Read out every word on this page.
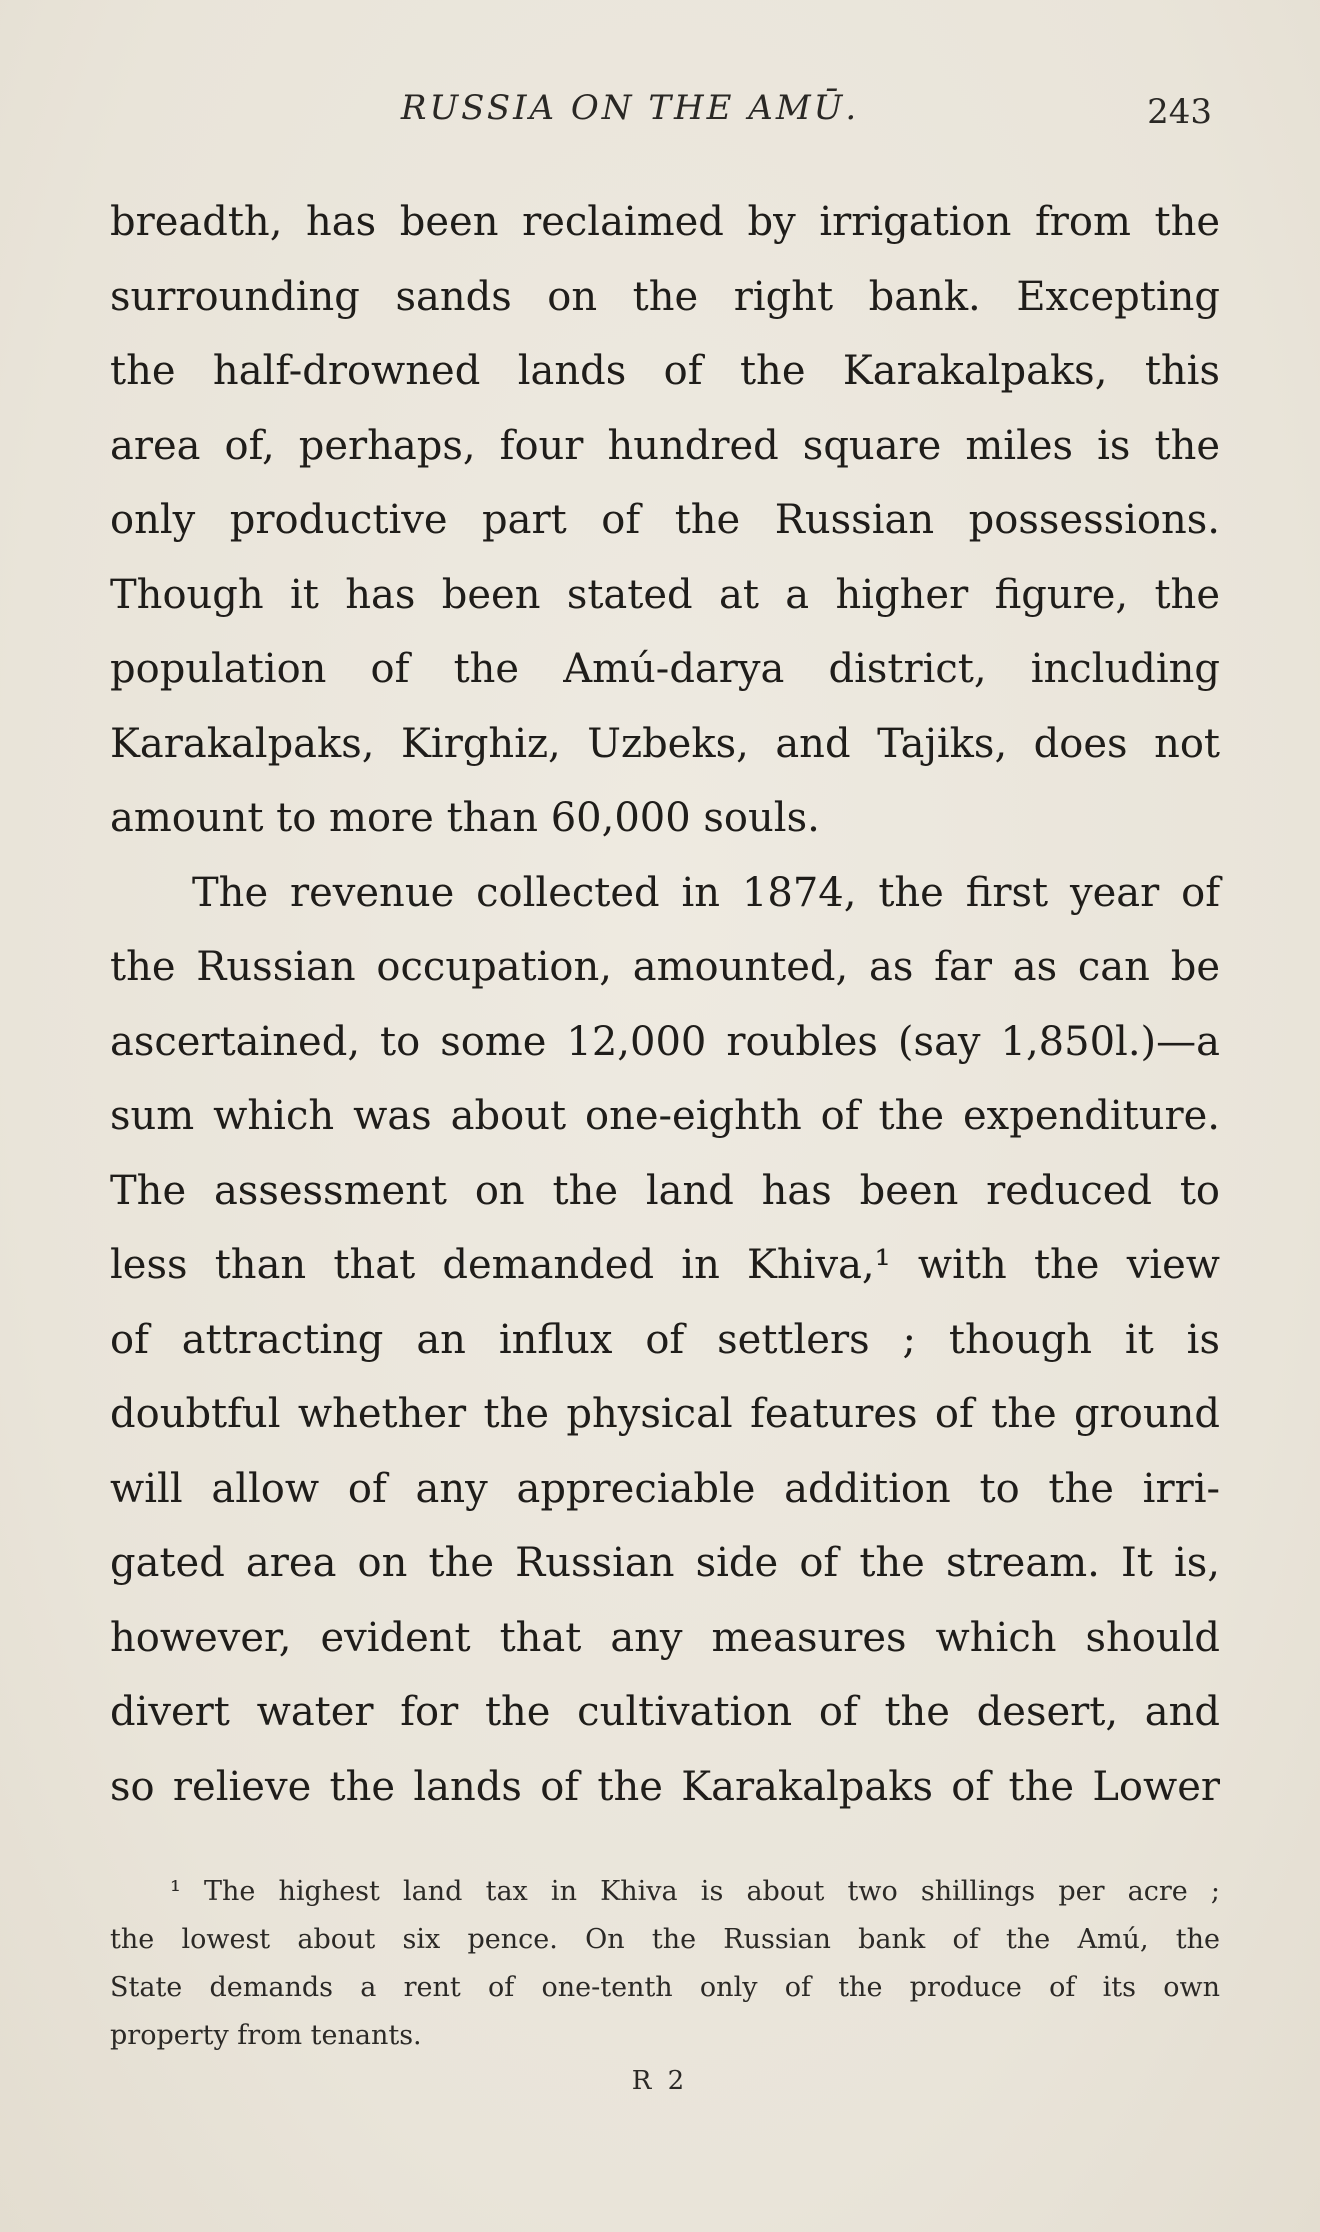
RUSSIA ON THE AMŪ.	243
breadth, has been reclaimed by irrigation from the
surrounding sands on the right bank. Excepting
the half-drowned lands of the Karakalpaks, this
area of, perhaps, four hundred square miles is the
only productive part of the Russian possessions.
Though it has been stated at a higher figure, the
population of the Amú-darya district, including
Karakalpaks, Kirghiz, Uzbeks, and Tajiks, does not
amount to more than 60,000 souls.
The revenue collected in 1874, the first year of
the Russian occupation, amounted, as far as can be
ascertained, to some 12,000 roubles (say 1,850l.)—a
sum which was about one-eighth of the expenditure.
The assessment on the land has been reduced to
less than that demanded in Khiva,¹ with the view
of attracting an influx of settlers ; though it is
doubtful whether the physical features of the ground
will allow of any appreciable addition to the irri-
gated area on the Russian side of the stream. It is,
however, evident that any measures which should
divert water for the cultivation of the desert, and
so relieve the lands of the Karakalpaks of the Lower
¹ The highest land tax in Khiva is about two shillings per acre ;
the lowest about six pence. On the Russian bank of the Amú, the
State demands a rent of one-tenth only of the produce of its own
property from tenants.
R 2
